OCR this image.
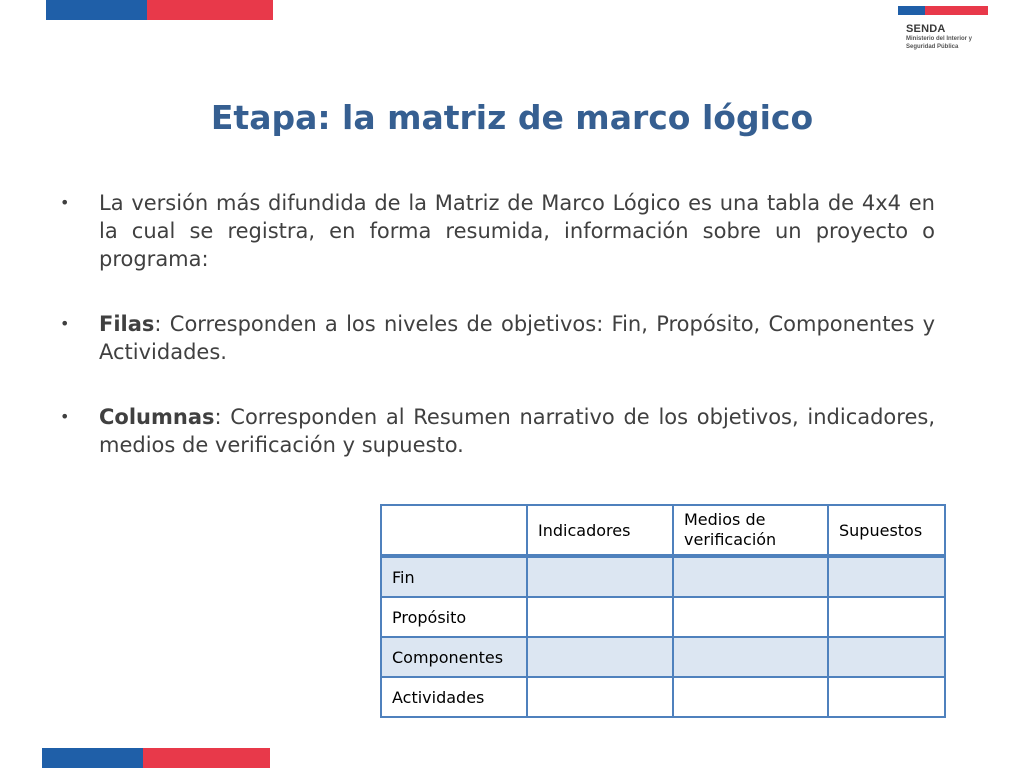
SENDA
Ministerio del Interior y
Seguridad Pública
Etapa: la matriz de marco lógico
• La versión más difundida de la Matriz de Marco Lógico es una tabla de 4x4 en la cual se registra, en forma resumida, información sobre un proyecto o programa:
• Filas: Corresponden a los niveles de objetivos: Fin, Propósito, Componentes y Actividades.
• Columnas: Corresponden al Resumen narrativo de los objetivos, indicadores, medios de verificación y supuesto.
	Indicadores	Medios de verificación	Supuestos
Fin			
Propósito			
Componentes			
Actividades			
